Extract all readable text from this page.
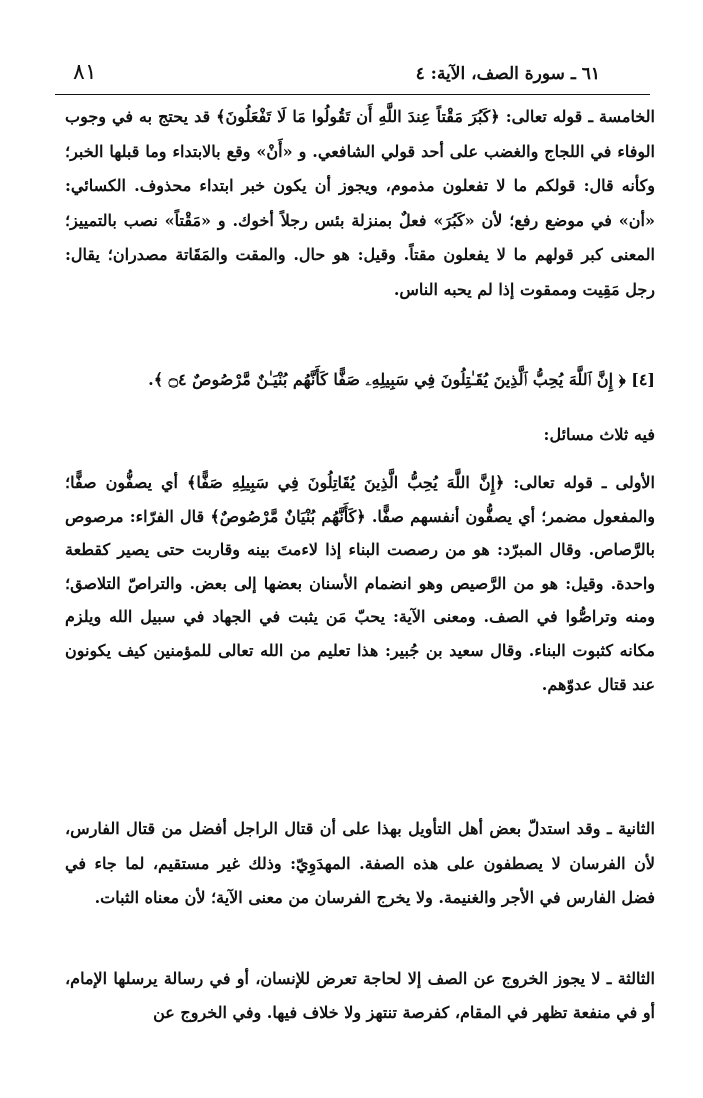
٦١ ـ سورة الصف، الآية: ٤
٨١
الخامسة ـ قوله تعالى: ﴿كَبُرَ مَقْتاً عِندَ اللَّهِ أَن تَقُولُوا مَا لَا تَفْعَلُونَ﴾ قد يحتج به في وجوب الوفاء في اللجاج والغضب على أحد قولي الشافعي. و «أَنْ» وقع بالابتداء وما قبلها الخبر؛ وكأنه قال: قولكم ما لا تفعلون مذموم، ويجوز أن يكون خبر ابتداء محذوف. الكسائي: «أن» في موضع رفع؛ لأن «كَبُرَ» فعلٌ بمنزلة بئس رجلاً أخوك. و «مَقْتاً» نصب بالتمييز؛ المعنى كبر قولهم ما لا يفعلون مقتاً. وقيل: هو حال. والمقت والمَقَاتة مصدران؛ يقال: رجل مَقِيت وممقوت إذا لم يحبه الناس.
[٤] ﴿ إِنَّ ٱللَّهَ يُحِبُّ ٱلَّذِينَ يُقَـٰتِلُونَ فِي سَبِيلِهِۦ صَفًّا كَأَنَّهُم بُنْيَـٰنٌ مَّرْصُوصٌ ۝٤ ﴾.
فيه ثلاث مسائل:
الأولى ـ قوله تعالى: ﴿إِنَّ اللَّهَ يُحِبُّ الَّذِينَ يُقَاتِلُونَ فِي سَبِيلِهِ صَفًّا﴾ أي يصفُّون صفًّا؛ والمفعول مضمر؛ أي يصفُّون أنفسهم صفًّا. ﴿كَأَنَّهُم بُنْيَانٌ مَّرْصُوصٌ﴾ قال الفرّاء: مرصوص بالرَّصاص. وقال المبرّد: هو من رصصت البناء إذا لاءمتَ بينه وقاربت حتى يصير كقطعة واحدة. وقيل: هو من الرَّصيص وهو انضمام الأسنان بعضها إلى بعض. والتراصّ التلاصق؛ ومنه وتراصُّوا في الصف. ومعنى الآية: يحبّ مَن يثبت في الجهاد في سبيل الله ويلزم مكانه كثبوت البناء. وقال سعيد بن جُبير: هذا تعليم من الله تعالى للمؤمنين كيف يكونون عند قتال عدوّهم.
الثانية ـ وقد استدلّ بعض أهل التأويل بهذا على أن قتال الراجل أفضل من قتال الفارس، لأن الفرسان لا يصطفون على هذه الصفة. المهدَوِيّ: وذلك غير مستقيم، لما جاء في فضل الفارس في الأجر والغنيمة. ولا يخرج الفرسان من معنى الآية؛ لأن معناه الثبات.
الثالثة ـ لا يجوز الخروج عن الصف إلا لحاجة تعرض للإنسان، أو في رسالة يرسلها الإمام، أو في منفعة تظهر في المقام، كفرصة تنتهز ولا خلاف فيها. وفي الخروج عن
